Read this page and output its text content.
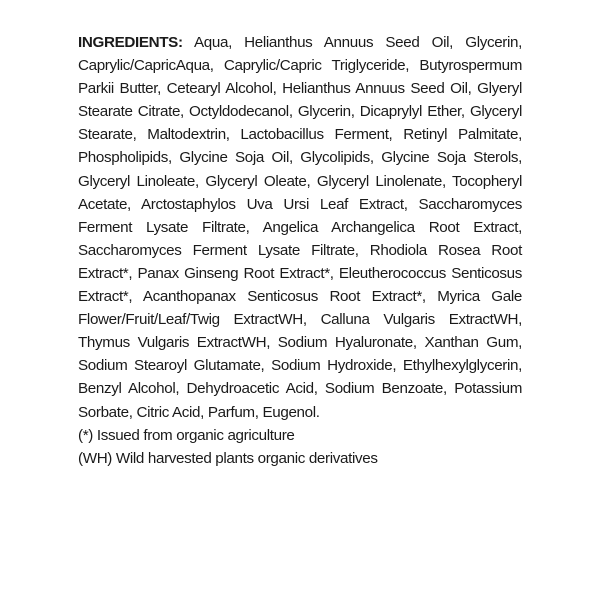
INGREDIENTS: Aqua, Helianthus Annuus Seed Oil, Glycerin, Caprylic/CapricAqua, Caprylic/Capric Triglyceride, Butyrospermum Parkii Butter, Cetearyl Alcohol, Helianthus Annuus Seed Oil, Glyeryl Stearate Citrate, Octyldodecanol, Glycerin, Dicaprylyl Ether, Glyceryl Stearate, Maltodextrin, Lactobacillus Ferment, Retinyl Palmitate, Phospholipids, Glycine Soja Oil, Glycolipids, Glycine Soja Sterols, Glyceryl Linoleate, Glyceryl Oleate, Glyceryl Linolenate, Tocopheryl Acetate, Arctostaphylos Uva Ursi Leaf Extract, Saccharomyces Ferment Lysate Filtrate, Angelica Archangelica Root Extract, Saccharomyces Ferment Lysate Filtrate, Rhodiola Rosea Root Extract*, Panax Ginseng Root Extract*, Eleutherococcus Senticosus Extract*, Acanthopanax Senticosus Root Extract*, Myrica Gale Flower/Fruit/Leaf/Twig ExtractWH, Calluna Vulgaris ExtractWH, Thymus Vulgaris ExtractWH, Sodium Hyaluronate, Xanthan Gum, Sodium Stearoyl Glutamate, Sodium Hydroxide, Ethylhexylglycerin, Benzyl Alcohol, Dehydroacetic Acid, Sodium Benzoate, Potassium Sorbate, Citric Acid, Parfum, Eugenol.

(*) Issued from organic agriculture

(WH) Wild harvested plants organic derivatives
